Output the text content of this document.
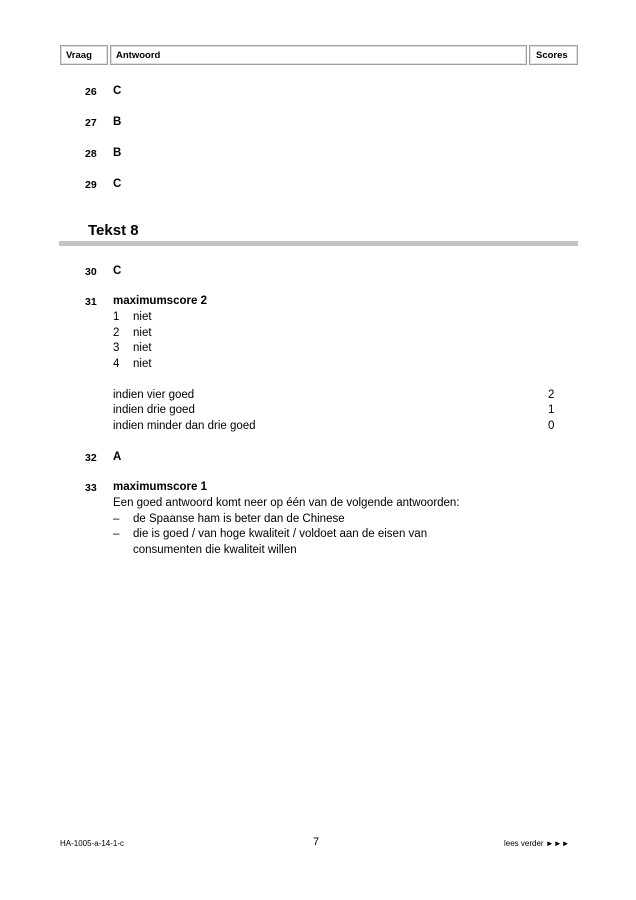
Vraag	Antwoord	Scores
26 C
27 B
28 B
29 C
Tekst 8
30 C
31 maximumscore 2
1 niet
2 niet
3 niet
4 niet
indien vier goed	2
indien drie goed	1
indien minder dan drie goed	0
32 A
33 maximumscore 1
Een goed antwoord komt neer op één van de volgende antwoorden:
– de Spaanse ham is beter dan de Chinese
– die is goed / van hoge kwaliteit / voldoet aan de eisen van
consumenten die kwaliteit willen
HA-1005-a-14-1-c	7	lees verder ►►►
